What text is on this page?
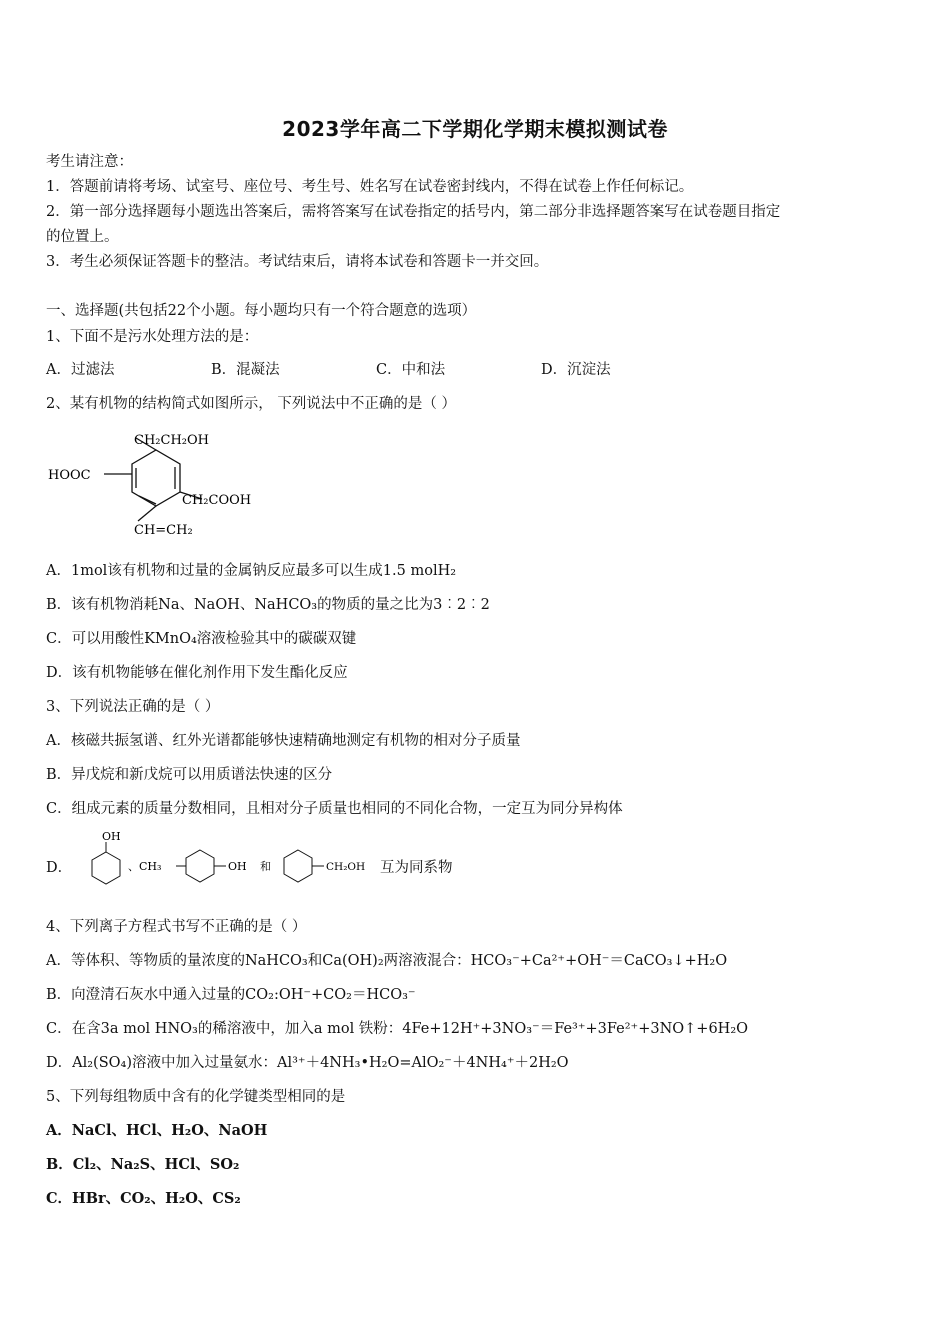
2023学年高二下学期化学期末模拟测试卷
考生请注意：
1．答题前请将考场、试室号、座位号、考生号、姓名写在试卷密封线内，不得在试卷上作任何标记。
2．第一部分选择题每小题选出答案后，需将答案写在试卷指定的括号内，第二部分非选择题答案写在试卷题目指定
的位置上。
3．考生必须保证答题卡的整洁。考试结束后，请将本试卷和答题卡一并交回。
一、选择题(共包括22个小题。每小题均只有一个符合题意的选项）
1、下面不是污水处理方法的是：
A．过滤法	B．混凝法	C．中和法	D．沉淀法
2、某有机物的结构简式如图所示， 下列说法中不正确的是（ ）
CH₂CH₂OH
HOOC
CH₂COOH
CH=CH₂
A．1mol该有机物和过量的金属钠反应最多可以生成1.5 molH₂
B．该有机物消耗Na、NaOH、NaHCO₃的物质的量之比为3︰2︰2
C．可以用酸性KMnO₄溶液检验其中的碳碳双键
D．该有机物能够在催化剂作用下发生酯化反应
3、下列说法正确的是（ ）
A．核磁共振氢谱、红外光谱都能够快速精确地测定有机物的相对分子质量
B．异戊烷和新戊烷可以用质谱法快速的区分
C．组成元素的质量分数相同，且相对分子质量也相同的不同化合物，一定互为同分异构体
D．
OH
、CH₃	OH 和	CH₂OH 互为同系物
4、下列离子方程式书写不正确的是（ ）
A．等体积、等物质的量浓度的NaHCO₃和Ca(OH)₂两溶液混合：HCO₃⁻+Ca²⁺+OH⁻＝CaCO₃↓+H₂O
B．向澄清石灰水中通入过量的CO₂:OH⁻+CO₂＝HCO₃⁻
C．在含3a mol HNO₃的稀溶液中，加入a mol 铁粉：4Fe+12H⁺+3NO₃⁻＝Fe³⁺+3Fe²⁺+3NO↑+6H₂O
D．Al₂(SO₄)溶液中加入过量氨水：Al³⁺＋4NH₃•H₂O=AlO₂⁻＋4NH₄⁺＋2H₂O
5、下列每组物质中含有的化学键类型相同的是
A．NaCl、HCl、H₂O、NaOH
B．Cl₂、Na₂S、HCl、SO₂
C．HBr、CO₂、H₂O、CS₂
